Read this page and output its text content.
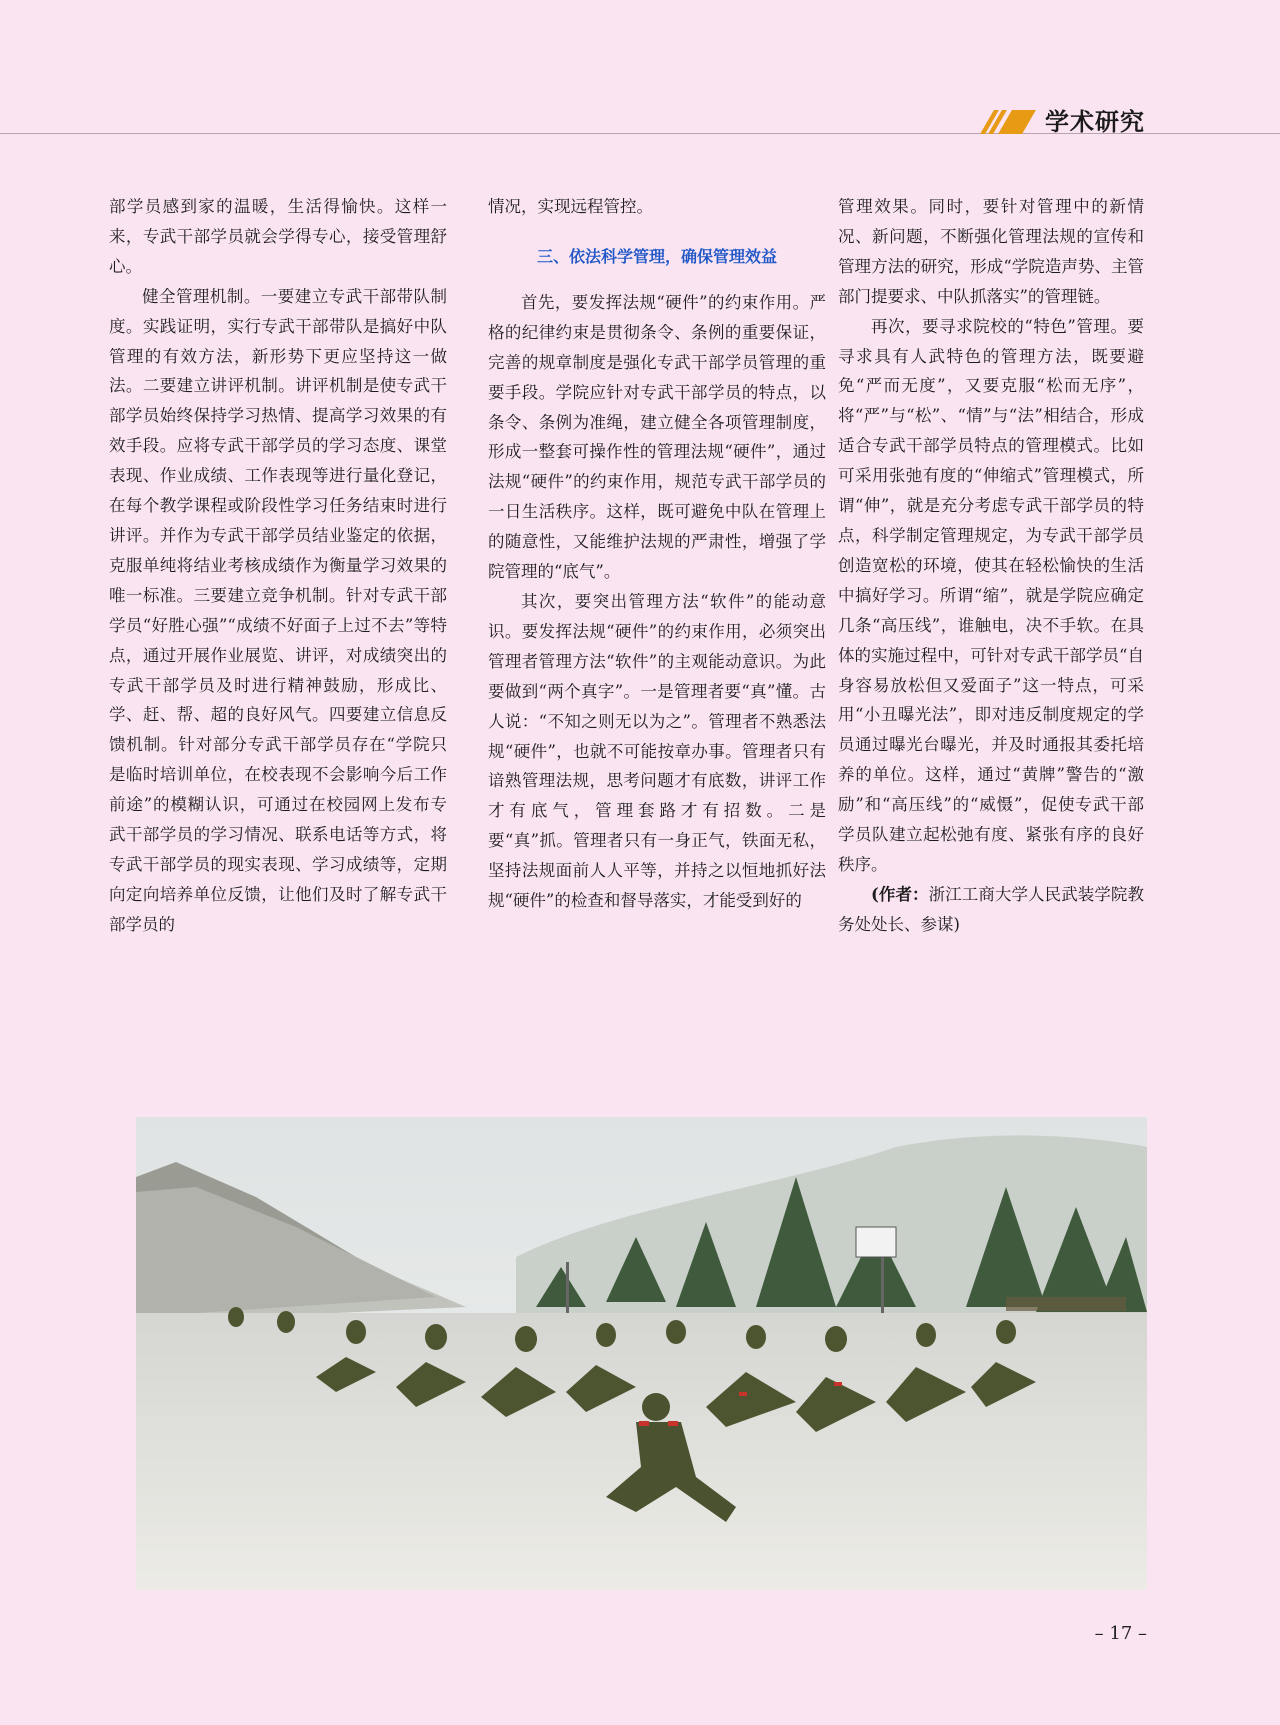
学术研究

部学员感到家的温暖，生活得愉快。这样一来，专武干部学员就会学得专心，接受管理舒心。

健全管理机制。一要建立专武干部带队制度。实践证明，实行专武干部带队是搞好中队管理的有效方法，新形势下更应坚持这一做法。二要建立讲评机制。讲评机制是使专武干部学员始终保持学习热情、提高学习效果的有效手段。应将专武干部学员的学习态度、课堂表现、作业成绩、工作表现等进行量化登记，在每个教学课程或阶段性学习任务结束时进行讲评。并作为专武干部学员结业鉴定的依据，克服单纯将结业考核成绩作为衡量学习效果的唯一标准。三要建立竞争机制。针对专武干部学员“好胜心强”“成绩不好面子上过不去”等特点，通过开展作业展览、讲评，对成绩突出的专武干部学员及时进行精神鼓励，形成比、学、赶、帮、超的良好风气。四要建立信息反馈机制。针对部分专武干部学员存在“学院只是临时培训单位，在校表现不会影响今后工作前途”的模糊认识，可通过在校园网上发布专武干部学员的学习情况、联系电话等方式，将专武干部学员的现实表现、学习成绩等，定期向定向培养单位反馈，让他们及时了解专武干部学员的

情况，实现远程管控。

三、依法科学管理，确保管理效益

首先，要发挥法规“硬件”的约束作用。严格的纪律约束是贯彻条令、条例的重要保证，完善的规章制度是强化专武干部学员管理的重要手段。学院应针对专武干部学员的特点，以条令、条例为准绳，建立健全各项管理制度，形成一整套可操作性的管理法规“硬件”，通过法规“硬件”的约束作用，规范专武干部学员的一日生活秩序。这样，既可避免中队在管理上的随意性，又能维护法规的严肃性，增强了学院管理的“底气”。

其次，要突出管理方法“软件”的能动意识。要发挥法规“硬件”的约束作用，必须突出管理者管理方法“软件”的主观能动意识。为此要做到“两个真字”。一是管理者要“真”懂。古人说：“不知之则无以为之”。管理者不熟悉法规“硬件”，也就不可能按章办事。管理者只有谙熟管理法规，思考问题才有底数，讲评工作才有底气，管理套路才有招数。二是要“真”抓。管理者只有一身正气，铁面无私，坚持法规面前人人平等，并持之以恒地抓好法规“硬件”的检查和督导落实，才能受到好的

管理效果。同时，要针对管理中的新情况、新问题，不断强化管理法规的宣传和管理方法的研究，形成“学院造声势、主管部门提要求、中队抓落实”的管理链。

再次，要寻求院校的“特色”管理。要寻求具有人武特色的管理方法，既要避免“严而无度”，又要克服“松而无序”，将“严”与“松”、“情”与“法”相结合，形成适合专武干部学员特点的管理模式。比如可采用张弛有度的“伸缩式”管理模式，所谓“伸”，就是充分考虑专武干部学员的特点，科学制定管理规定，为专武干部学员创造宽松的环境，使其在轻松愉快的生活中搞好学习。所谓“缩”，就是学院应确定几条“高压线”，谁触电，决不手软。在具体的实施过程中，可针对专武干部学员“自身容易放松但又爱面子”这一特点，可采用“小丑曝光法”，即对违反制度规定的学员通过曝光台曝光，并及时通报其委托培养的单位。这样，通过“黄牌”警告的“激励”和“高压线”的“威慑”，促使专武干部学员队建立起松弛有度、紧张有序的良好秩序。

(作者：浙江工商大学人民武装学院教务处处长、参谋)

– 17 –
